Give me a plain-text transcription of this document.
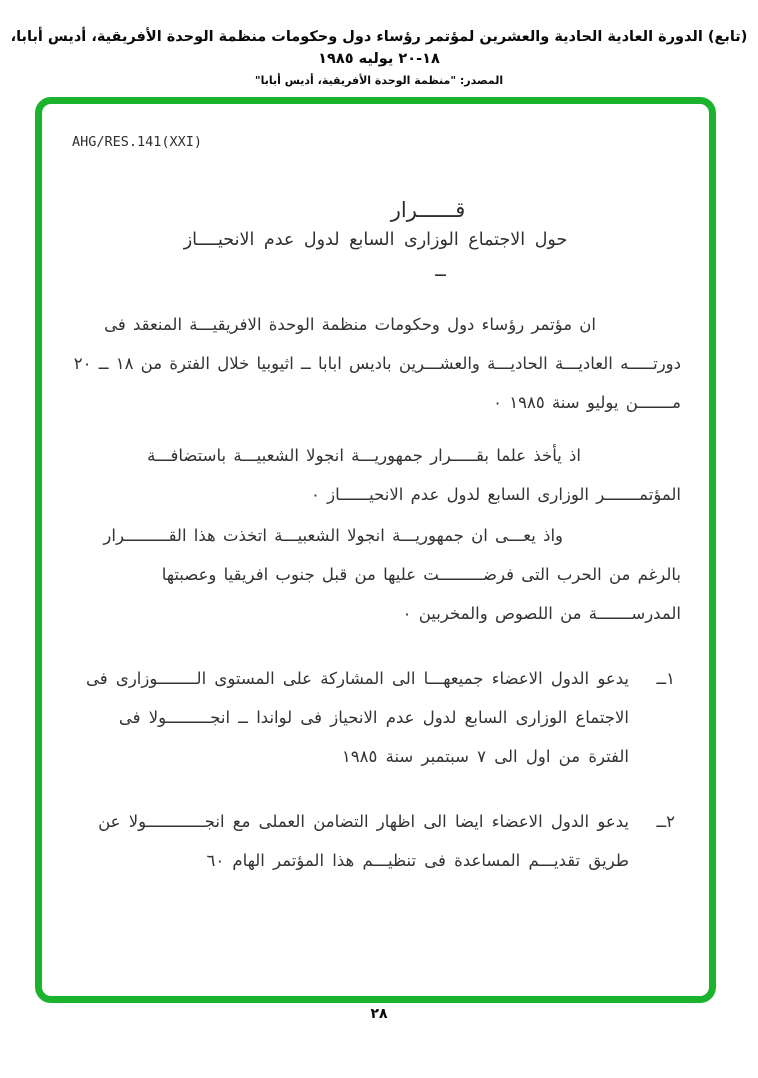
(تابع) الدورة العادية الحادية والعشرين لمؤتمر رؤساء دول وحكومات منظمة الوحدة الأفريقية، أديس أبابا، ١٨‏-‏٢٠ يوليه ١٩٨٥
المصدر: "منظمة الوحدة الأفريقية، أديس أبابا"
AHG/RES.141(XXI)
قــــــرار
حول الاجتماع الوزارى السابع لدول عدم الانحيــــاز
ــ

ان مؤتمر رؤساء دول وحكومات منظمة الوحدة الافريقيـــة المنعقد فى دورتـــــه العاديـــة الحاديـــة والعشـــرين باديس ابابا ــ اثيوبيا خلال الفترة من ١٨ ــ ٢٠ مـــــــن يوليو سنة ١٩٨٥ ‏٠

اذ يأخذ علما بقـــــرار جمهوريـــة انجولا الشعبيـــة باستضافـــة المؤتمـــــــر الوزارى السابع لدول عدم الانحيــــــاز ‏٠

واذ يعـــى ان جمهوريـــة انجولا الشعبيـــة اتخذت هذا القـــــــــرار بالرغم من الحرب التى فرضـــــــــت عليها من قبل جنوب افريقيا وعصبتها المدرســـــــة من اللصوص والمخربين ‏٠

١ــ
يدعو الدول الاعضاء جميعهـــا الى المشاركة على المستوى الــــــــوزارى فى الاجتماع الوزارى السابع لدول عدم الانحياز فى لواندا ــ انجـــــــــولا فى الفترة من اول الى ٧ سبتمبر سنة ١٩٨٥
٢ــ
يدعو الدول الاعضاء ايضا الى اظهار التضامن العملى مع انجــــــــــــولا عن طريق تقديـــم المساعدة فى تنظيـــم هذا المؤتمر الهام ٦٠
٢٨
